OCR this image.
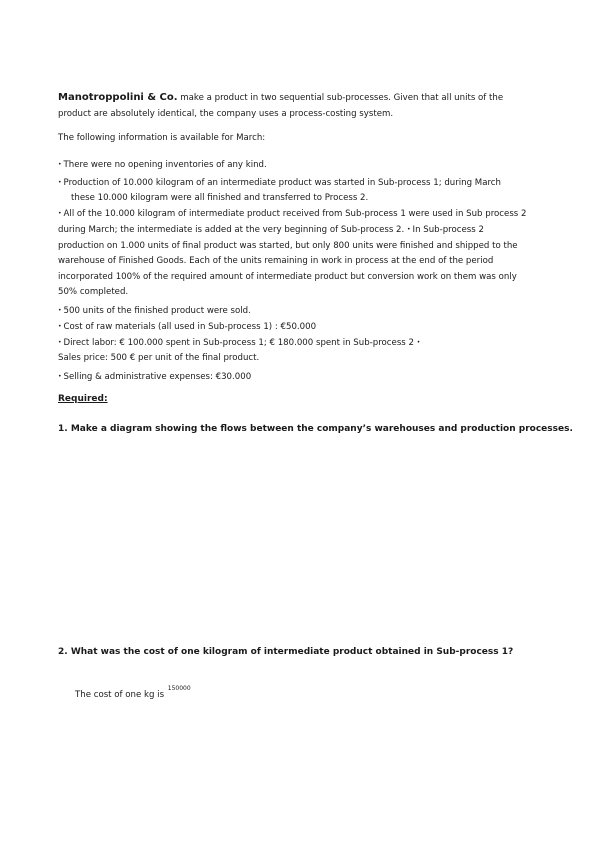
Manotroppolini & Co. make a product in two sequential sub-processes. Given that all units of the product are absolutely identical, the company uses a process-costing system.

The following information is available for March:

• There were no opening inventories of any kind.

• Production of 10.000 kilogram of an intermediate product was started in Sub-process 1; during March
these 10.000 kilogram were all finished and transferred to Process 2.

• All of the 10.000 kilogram of intermediate product received from Sub-process 1 were used in Sub process 2 during March; the intermediate is added at the very beginning of Sub-process 2. • In Sub-process 2 production on 1.000 units of final product was started, but only 800 units were finished and shipped to the warehouse of Finished Goods. Each of the units remaining in work in process at the end of the period incorporated 100% of the required amount of intermediate product but conversion work on them was only 50% completed.

• 500 units of the finished product were sold.

• Cost of raw materials (all used in Sub-process 1) : €50.000

• Direct labor: € 100.000 spent in Sub-process 1; € 180.000 spent in Sub-process 2 •
Sales price: 500 € per unit of the final product.

• Selling & administrative expenses: €30.000

Required:

1. Make a diagram showing the flows between the company’s warehouses and production processes.

2. What was the cost of one kilogram of intermediate product obtained in Sub-process 1?

The cost of one kg is $^{150000}$
